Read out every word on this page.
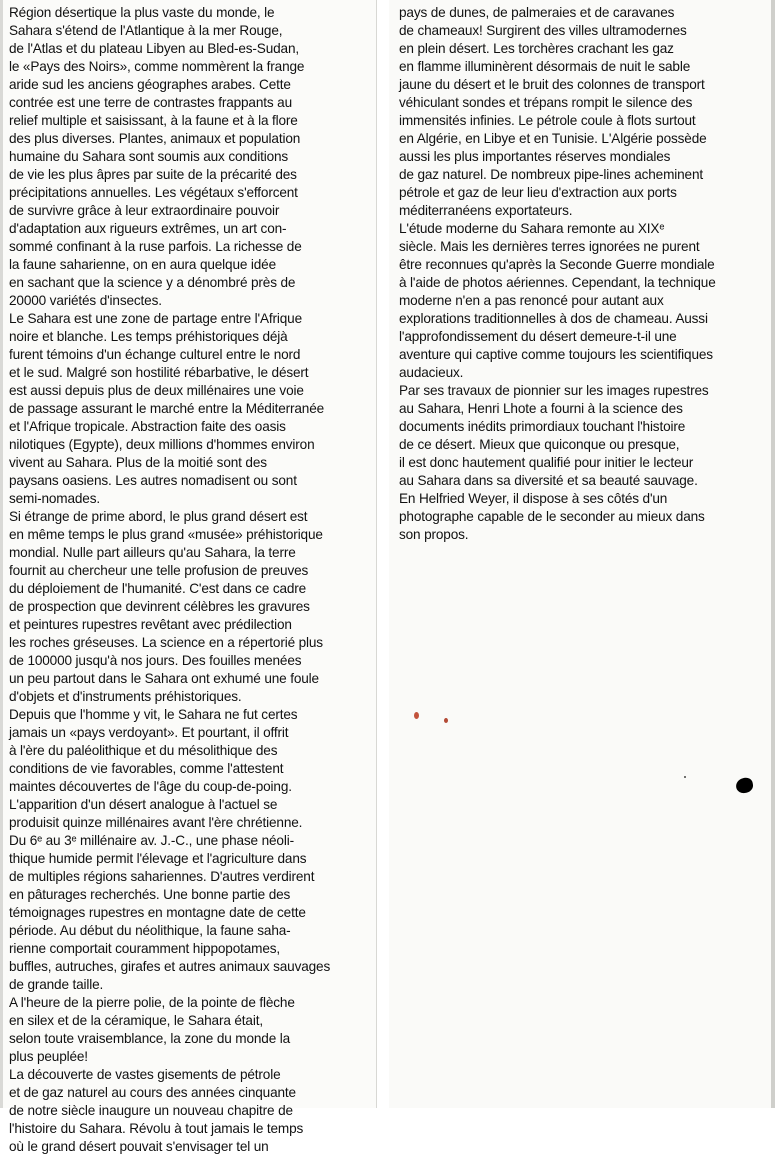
Région désertique la plus vaste du monde, le
Sahara s'étend de l'Atlantique à la mer Rouge,
de l'Atlas et du plateau Libyen au Bled-es-Sudan,
le «Pays des Noirs», comme nommèrent la frange
aride sud les anciens géographes arabes. Cette
contrée est une terre de contrastes frappants au
relief multiple et saisissant, à la faune et à la flore
des plus diverses. Plantes, animaux et population
humaine du Sahara sont soumis aux conditions
de vie les plus âpres par suite de la précarité des
précipitations annuelles. Les végétaux s'efforcent
de survivre grâce à leur extraordinaire pouvoir
d'adaptation aux rigueurs extrêmes, un art con-
sommé confinant à la ruse parfois. La richesse de
la faune saharienne, on en aura quelque idée
en sachant que la science y a dénombré près de
20000 variétés d'insectes.
Le Sahara est une zone de partage entre l'Afrique
noire et blanche. Les temps préhistoriques déjà
furent témoins d'un échange culturel entre le nord
et le sud. Malgré son hostilité rébarbative, le désert
est aussi depuis plus de deux millénaires une voie
de passage assurant le marché entre la Méditerranée
et l'Afrique tropicale. Abstraction faite des oasis
nilotiques (Egypte), deux millions d'hommes environ
vivent au Sahara. Plus de la moitié sont des
paysans oasiens. Les autres nomadisent ou sont
semi-nomades.
Si étrange de prime abord, le plus grand désert est
en même temps le plus grand «musée» préhistorique
mondial. Nulle part ailleurs qu'au Sahara, la terre
fournit au chercheur une telle profusion de preuves
du déploiement de l'humanité. C'est dans ce cadre
de prospection que devinrent célèbres les gravures
et peintures rupestres revêtant avec prédilection
les roches gréseuses. La science en a répertorié plus
de 100000 jusqu'à nos jours. Des fouilles menées
un peu partout dans le Sahara ont exhumé une foule
d'objets et d'instruments préhistoriques.
Depuis que l'homme y vit, le Sahara ne fut certes
jamais un «pays verdoyant». Et pourtant, il offrit
à l'ère du paléolithique et du mésolithique des
conditions de vie favorables, comme l'attestent
maintes découvertes de l'âge du coup-de-poing.
L'apparition d'un désert analogue à l'actuel se
produisit quinze millénaires avant l'ère chrétienne.
Du 6ᵉ au 3ᵉ millénaire av. J.-C., une phase néoli-
thique humide permit l'élevage et l'agriculture dans
de multiples régions sahariennes. D'autres verdirent
en pâturages recherchés. Une bonne partie des
témoignages rupestres en montagne date de cette
période. Au début du néolithique, la faune saha-
rienne comportait couramment hippopotames,
buffles, autruches, girafes et autres animaux sauvages
de grande taille.
A l'heure de la pierre polie, de la pointe de flèche
en silex et de la céramique, le Sahara était,
selon toute vraisemblance, la zone du monde la
plus peuplée!
La découverte de vastes gisements de pétrole
et de gaz naturel au cours des années cinquante
de notre siècle inaugure un nouveau chapitre de
l'histoire du Sahara. Révolu à tout jamais le temps
où le grand désert pouvait s'envisager tel un
pays de dunes, de palmeraies et de caravanes
de chameaux! Surgirent des villes ultramodernes
en plein désert. Les torchères crachant les gaz
en flamme illuminèrent désormais de nuit le sable
jaune du désert et le bruit des colonnes de transport
véhiculant sondes et trépans rompit le silence des
immensités infinies. Le pétrole coule à flots surtout
en Algérie, en Libye et en Tunisie. L'Algérie possède
aussi les plus importantes réserves mondiales
de gaz naturel. De nombreux pipe-lines acheminent
pétrole et gaz de leur lieu d'extraction aux ports
méditerranéens exportateurs.
L'étude moderne du Sahara remonte au XIXᵉ
siècle. Mais les dernières terres ignorées ne purent
être reconnues qu'après la Seconde Guerre mondiale
à l'aide de photos aériennes. Cependant, la technique
moderne n'en a pas renoncé pour autant aux
explorations traditionnelles à dos de chameau. Aussi
l'approfondissement du désert demeure-t-il une
aventure qui captive comme toujours les scientifiques
audacieux.
Par ses travaux de pionnier sur les images rupestres
au Sahara, Henri Lhote a fourni à la science des
documents inédits primordiaux touchant l'histoire
de ce désert. Mieux que quiconque ou presque,
il est donc hautement qualifié pour initier le lecteur
au Sahara dans sa diversité et sa beauté sauvage.
En Helfried Weyer, il dispose à ses côtés d'un
photographe capable de le seconder au mieux dans
son propos.
